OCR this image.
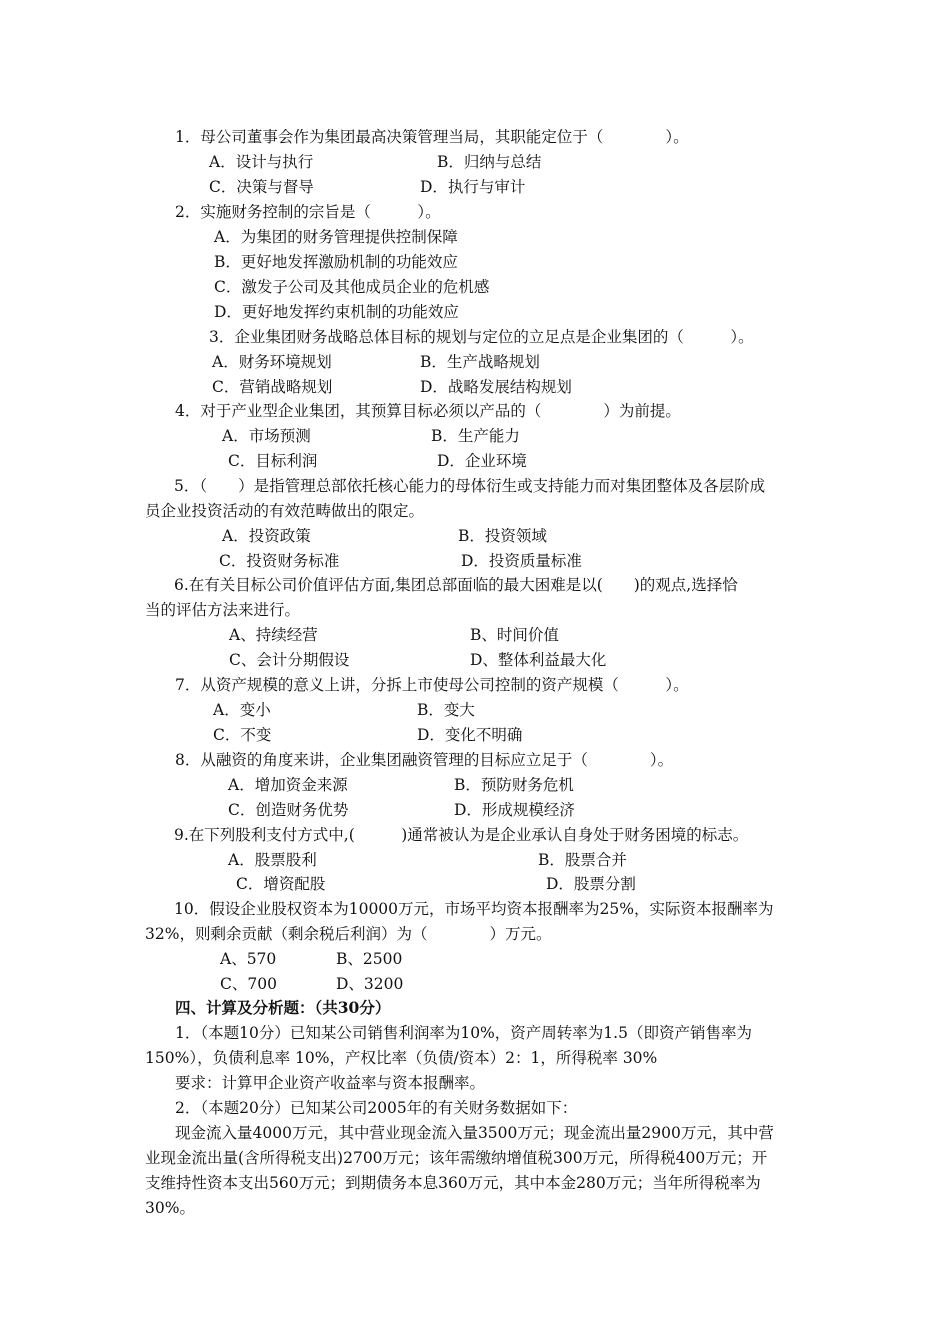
1．母公司董事会作为集团最高决策管理当局，其职能定位于（　　　　）。
A．设计与执行	B．归纳与总结
C．决策与督导	D．执行与审计
2．实施财务控制的宗旨是（　　　）。
A．为集团的财务管理提供控制保障
B．更好地发挥激励机制的功能效应
C．激发子公司及其他成员企业的危机感
D．更好地发挥约束机制的功能效应
3．企业集团财务战略总体目标的规划与定位的立足点是企业集团的（　　　）。
A．财务环境规划	B．生产战略规划
C．营销战略规划	D．战略发展结构规划
4．对于产业型企业集团，其预算目标必须以产品的（　　　　）为前提。
A．市场预测	B．生产能力
C．目标利润	D．企业环境
5．（　　）是指管理总部依托核心能力的母体衍生或支持能力而对集团整体及各层阶成
员企业投资活动的有效范畴做出的限定。
A．投资政策	B．投资领域
C．投资财务标准	D．投资质量标准
6.在有关目标公司价值评估方面,集团总部面临的最大困难是以(　　)的观点,选择恰
当的评估方法来进行。
A、持续经营	B、时间价值
C、会计分期假设	D、整体利益最大化
7．从资产规模的意义上讲，分拆上市使母公司控制的资产规模（　　　）。
A．变小	B．变大
C．不变	D．变化不明确
8．从融资的角度来讲，企业集团融资管理的目标应立足于（　　　　）。
A．增加资金来源	B．预防财务危机
C．创造财务优势	D．形成规模经济
9.在下列股利支付方式中,(　　　)通常被认为是企业承认自身处于财务困境的标志。
A．股票股利	B．股票合并
C．增资配股	D．股票分割
10．假设企业股权资本为10000万元，市场平均资本报酬率为25%，实际资本报酬率为
32%，则剩余贡献（剩余税后利润）为（　　　　）万元。
A、570	B、2500
C、700	D、3200
四、计算及分析题：（共30分）
1．（本题10分）已知某公司销售利润率为10%，资产周转率为1.5（即资产销售率为
150%），负债利息率 10%，产权比率（负债/资本）2：1，所得税率 30%
要求：计算甲企业资产收益率与资本报酬率。
2．（本题20分）已知某公司2005年的有关财务数据如下：
现金流入量4000万元，其中营业现金流入量3500万元；现金流出量2900万元，其中营
业现金流出量(含所得税支出)2700万元；该年需缴纳增值税300万元，所得税400万元；开
支维持性资本支出560万元；到期债务本息360万元，其中本金280万元；当年所得税率为
30%。
